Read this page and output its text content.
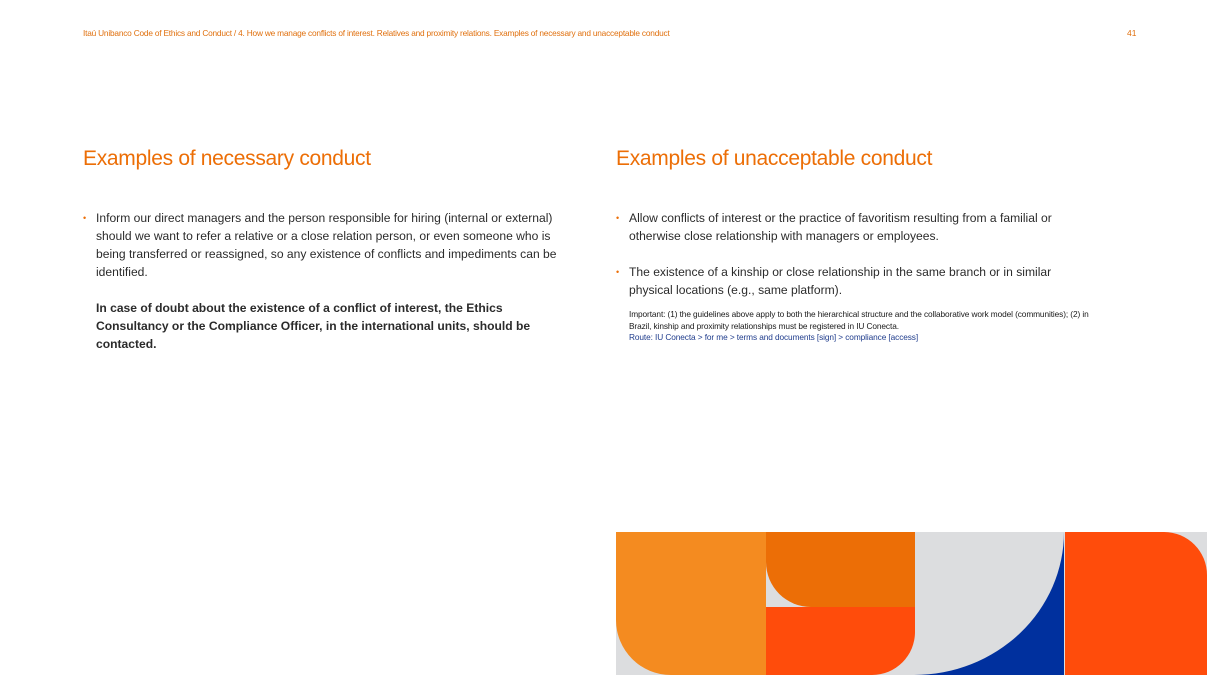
Itaú Unibanco Code of Ethics and Conduct / 4. How we manage conflicts of interest. Relatives and proximity relations. Examples of necessary and unacceptable conduct	41
Examples of necessary conduct
• Inform our direct managers and the person responsible for hiring (internal or external) should we want to refer a relative or a close relation person, or even someone who is being transferred or reassigned, so any existence of conflicts and impediments can be identified.

In case of doubt about the existence of a conflict of interest, the Ethics Consultancy or the Compliance Officer, in the international units, should be contacted.

Examples of unacceptable conduct
• Allow conflicts of interest or the practice of favoritism resulting from a familial or otherwise close relationship with managers or employees.
• The existence of a kinship or close relationship in the same branch or in similar physical locations (e.g., same platform).

Important: (1) the guidelines above apply to both the hierarchical structure and the collaborative work model (communities); (2) in Brazil, kinship and proximity relationships must be registered in IU Conecta.

Route: IU Conecta > for me > terms and documents [sign] > compliance [access]
